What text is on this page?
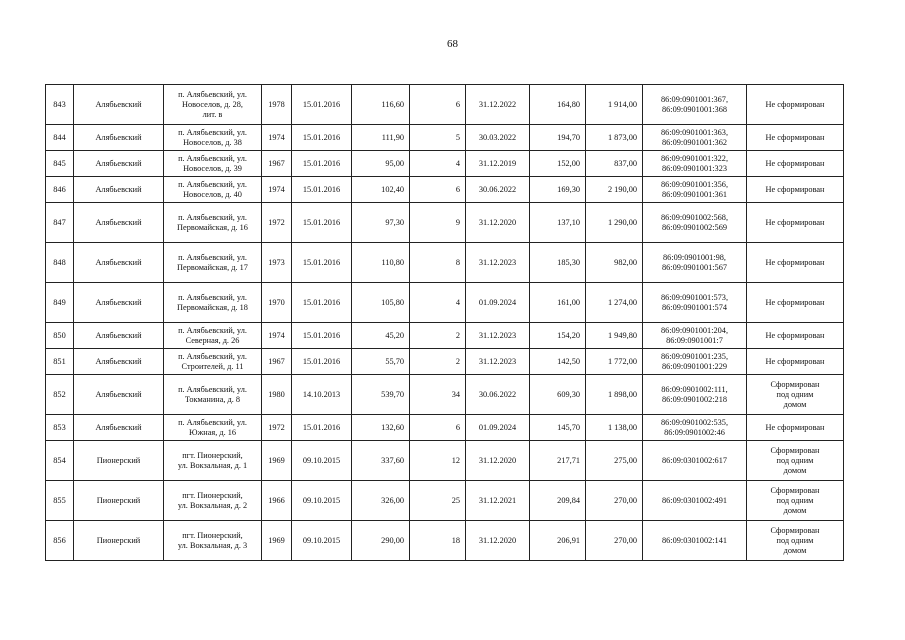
68
843	Алябьевский	п. Алябьевский, ул.
Новоселов, д. 28,
лит. в	1978	15.01.2016	116,60	6	31.12.2022	164,80	1 914,00	86:09:0901001:367,
86:09:0901001:368	Не сформирован
844	Алябьевский	п. Алябьевский, ул.
Новоселов, д. 38	1974	15.01.2016	111,90	5	30.03.2022	194,70	1 873,00	86:09:0901001:363,
86:09:0901001:362	Не сформирован
845	Алябьевский	п. Алябьевский, ул.
Новоселов, д. 39	1967	15.01.2016	95,00	4	31.12.2019	152,00	837,00	86:09:0901001:322,
86:09:0901001:323	Не сформирован
846	Алябьевский	п. Алябьевский, ул.
Новоселов, д. 40	1974	15.01.2016	102,40	6	30.06.2022	169,30	2 190,00	86:09:0901001:356,
86:09:0901001:361	Не сформирован
847	Алябьевский	п. Алябьевский, ул.
Первомайская, д. 16	1972	15.01.2016	97,30	9	31.12.2020	137,10	1 290,00	86:09:0901002:568,
86:09:0901002:569	Не сформирован
848	Алябьевский	п. Алябьевский, ул.
Первомайская, д. 17	1973	15.01.2016	110,80	8	31.12.2023	185,30	982,00	86:09:0901001:98,
86:09:0901001:567	Не сформирован
849	Алябьевский	п. Алябьевский, ул.
Первомайская, д. 18	1970	15.01.2016	105,80	4	01.09.2024	161,00	1 274,00	86:09:0901001:573,
86:09:0901001:574	Не сформирован
850	Алябьевский	п. Алябьевский, ул.
Северная, д. 26	1974	15.01.2016	45,20	2	31.12.2023	154,20	1 949,80	86:09:0901001:204,
86:09:0901001:7	Не сформирован
851	Алябьевский	п. Алябьевский, ул.
Строителей, д. 11	1967	15.01.2016	55,70	2	31.12.2023	142,50	1 772,00	86:09:0901001:235,
86:09:0901001:229	Не сформирован
852	Алябьевский	п. Алябьевский, ул.
Токманина, д. 8	1980	14.10.2013	539,70	34	30.06.2022	609,30	1 898,00	86:09:0901002:111,
86:09:0901002:218	Сформирован
под одним
домом
853	Алябьевский	п. Алябьевский, ул.
Южная, д. 16	1972	15.01.2016	132,60	6	01.09.2024	145,70	1 138,00	86:09:0901002:535,
86:09:0901002:46	Не сформирован
854	Пионерский	пгт. Пионерский,
ул. Вокзальная, д. 1	1969	09.10.2015	337,60	12	31.12.2020	217,71	275,00	86:09:0301002:617	Сформирован
под одним
домом
855	Пионерский	пгт. Пионерский,
ул. Вокзальная, д. 2	1966	09.10.2015	326,00	25	31.12.2021	209,84	270,00	86:09:0301002:491	Сформирован
под одним
домом
856	Пионерский	пгт. Пионерский,
ул. Вокзальная, д. 3	1969	09.10.2015	290,00	18	31.12.2020	206,91	270,00	86:09:0301002:141	Сформирован
под одним
домом
